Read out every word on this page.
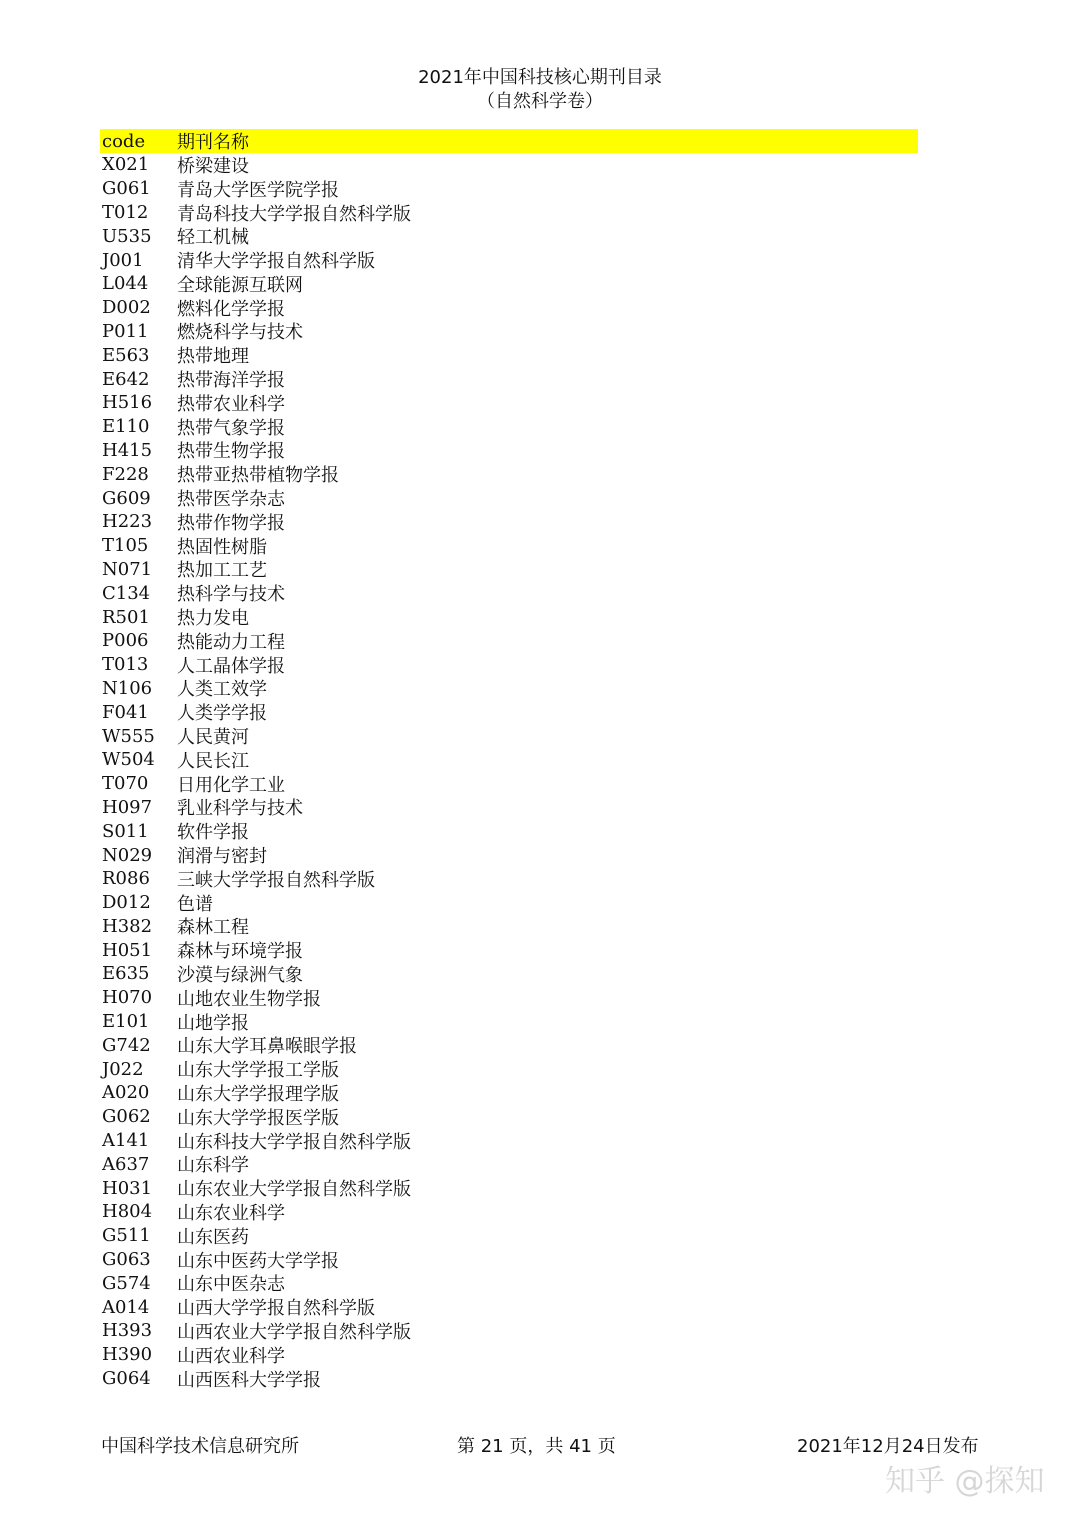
2021年中国科技核心期刊目录
（自然科学卷）
code	期刊名称
X021	桥梁建设
G061	青岛大学医学院学报
T012	青岛科技大学学报自然科学版
U535	轻工机械
J001	清华大学学报自然科学版
L044	全球能源互联网
D002	燃料化学学报
P011	燃烧科学与技术
E563	热带地理
E642	热带海洋学报
H516	热带农业科学
E110	热带气象学报
H415	热带生物学报
F228	热带亚热带植物学报
G609	热带医学杂志
H223	热带作物学报
T105	热固性树脂
N071	热加工工艺
C134	热科学与技术
R501	热力发电
P006	热能动力工程
T013	人工晶体学报
N106	人类工效学
F041	人类学学报
W555	人民黄河
W504	人民长江
T070	日用化学工业
H097	乳业科学与技术
S011	软件学报
N029	润滑与密封
R086	三峡大学学报自然科学版
D012	色谱
H382	森林工程
H051	森林与环境学报
E635	沙漠与绿洲气象
H070	山地农业生物学报
E101	山地学报
G742	山东大学耳鼻喉眼学报
J022	山东大学学报工学版
A020	山东大学学报理学版
G062	山东大学学报医学版
A141	山东科技大学学报自然科学版
A637	山东科学
H031	山东农业大学学报自然科学版
H804	山东农业科学
G511	山东医药
G063	山东中医药大学学报
G574	山东中医杂志
A014	山西大学学报自然科学版
H393	山西农业大学学报自然科学版
H390	山西农业科学
G064	山西医科大学学报
中国科学技术信息研究所	第 21 页，共 41 页	2021年12月24日发布
知乎 @探知
